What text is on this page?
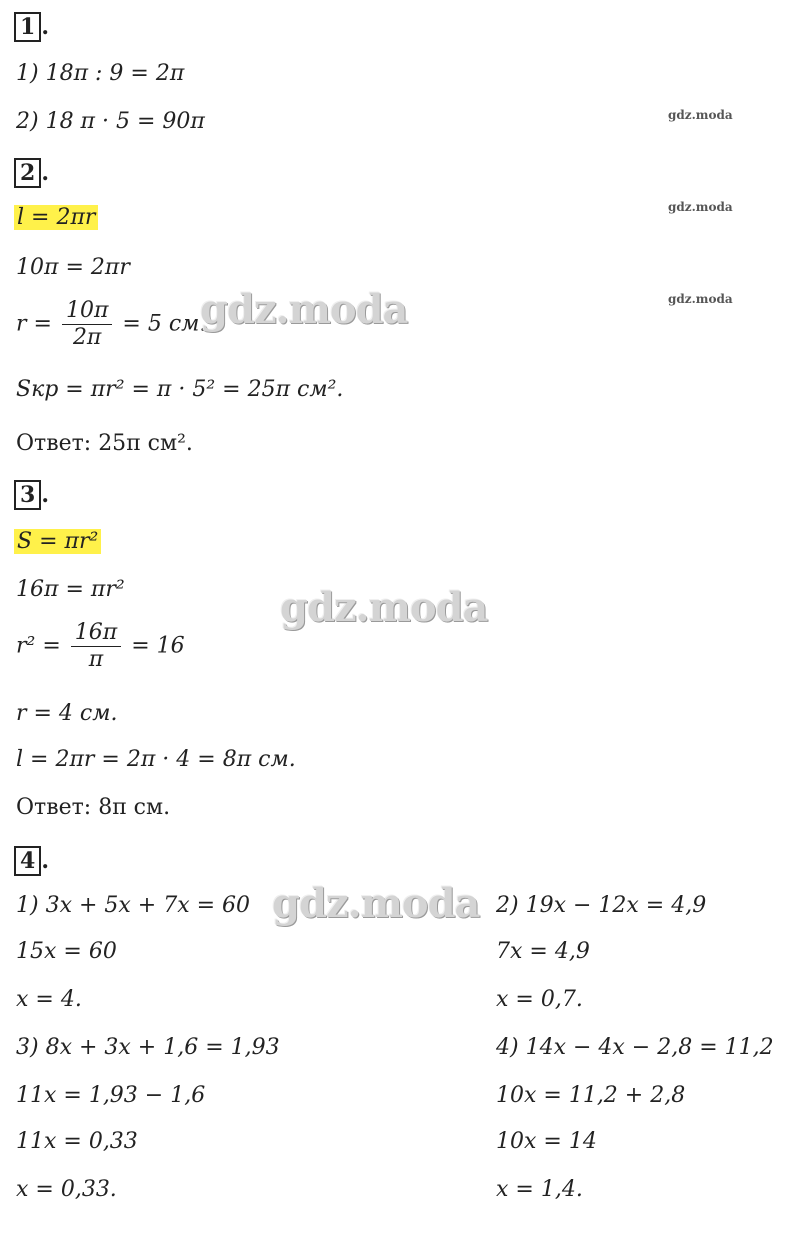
1 .
1) 18π : 9 = 2π
2) 18 π · 5 = 90π
2 .
l = 2πr
10π = 2πr
$r = \frac{10\pi}{2\pi} = 5$ см.
Sкр = πr² = π · 5² = 25π см².
Ответ: 25π см².
3 .
S = πr²
16π = πr²
$r^2 = \frac{16\pi}{\pi} = 16$
r = 4 см.
l = 2πr = 2π · 4 = 8π см.
Ответ: 8π см.
4 .
1) 3x + 5x + 7x = 60
15x = 60
x = 4.
3) 8x + 3x + 1,6 = 1,93
11x = 1,93 − 1,6
11x = 0,33
x = 0,33.
2) 19x − 12x = 4,9
7x = 4,9
x = 0,7.
4) 14x − 4x − 2,8 = 11,2
10x = 11,2 + 2,8
10x = 14
x = 1,4.
gdz.moda
gdz.moda
gdz.moda
gdz.moda
gdz.moda
gdz.moda
